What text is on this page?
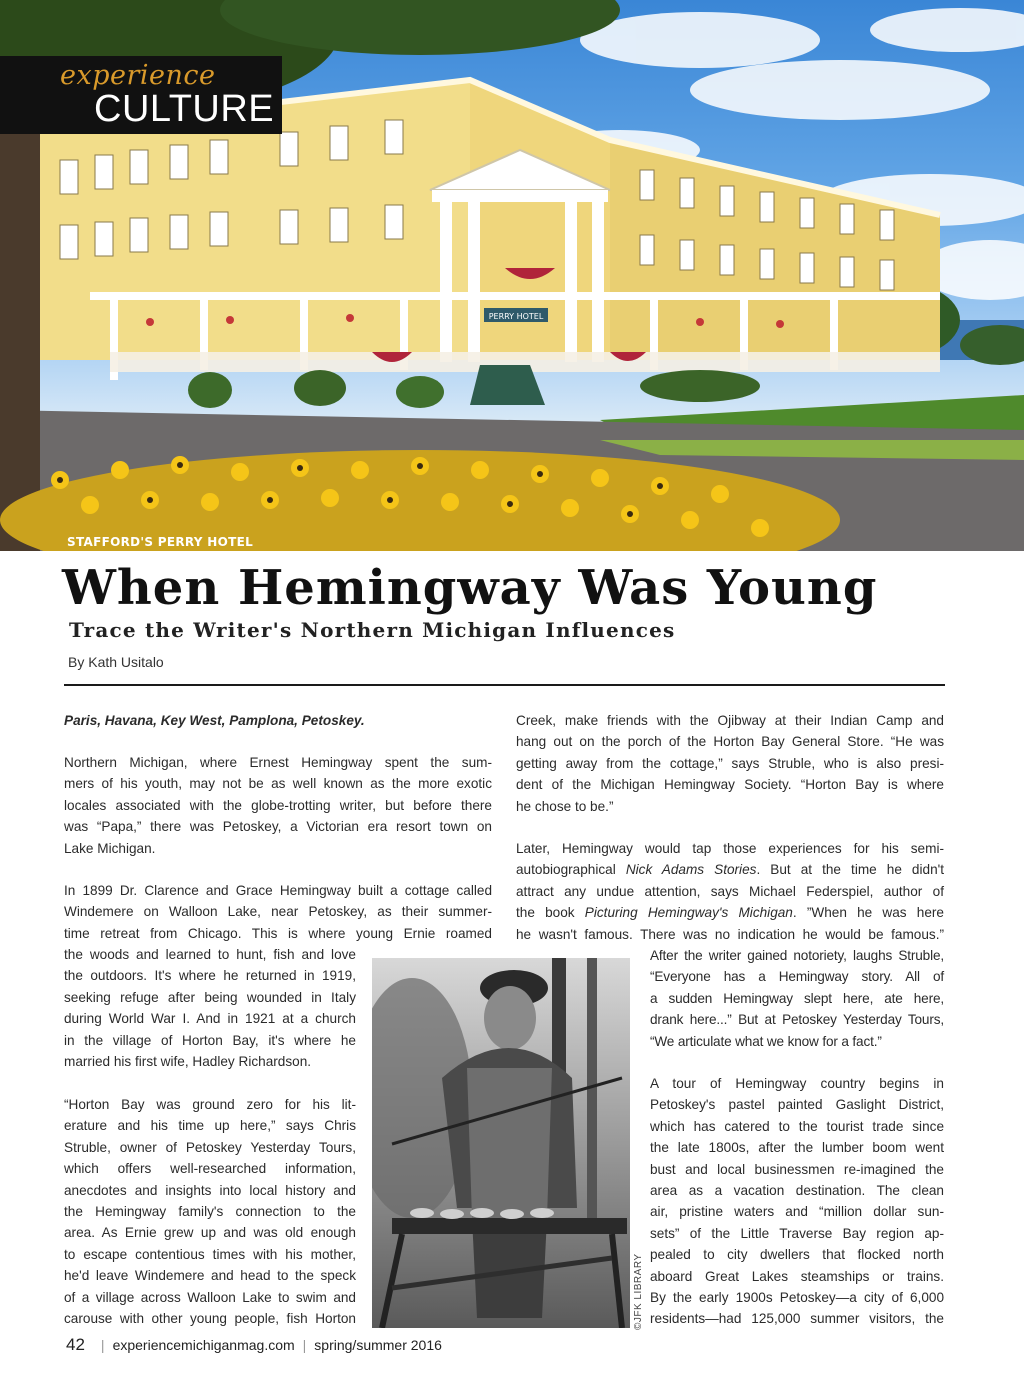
PERRY HOTEL
experience
CULTURE
STAFFORD'S PERRY HOTEL
When Hemingway Was Young
Trace the Writer's Northern Michigan Influences
By Kath Usitalo
Paris, Havana, Key West, Pamplona, Petoskey.
Northern Michigan, where Ernest Hemingway spent the sum-
mers of his youth, may not be as well known as the more exotic
locales associated with the globe-trotting writer, but before there
was “Papa,” there was Petoskey, a Victorian era resort town on
Lake Michigan.
In 1899 Dr. Clarence and Grace Hemingway built a cottage called
Windemere on Walloon Lake, near Petoskey, as their summer-
time retreat from Chicago. This is where young Ernie roamed
the woods and learned to hunt, fish and love
the outdoors. It's where he returned in 1919,
seeking refuge after being wounded in Italy
during World War I. And in 1921 at a church
in the village of Horton Bay, it's where he
married his first wife, Hadley Richardson.
“Horton Bay was ground zero for his lit-
erature and his time up here,” says Chris
Struble, owner of Petoskey Yesterday Tours,
which offers well-researched information,
anecdotes and insights into local history and
the Hemingway family's connection to the
area. As Ernie grew up and was old enough
to escape contentious times with his mother,
he'd leave Windemere and head to the speck
of a village across Walloon Lake to swim and
carouse with other young people, fish Horton
Creek, make friends with the Ojibway at their Indian Camp and
hang out on the porch of the Horton Bay General Store. “He was
getting away from the cottage,” says Struble, who is also presi-
dent of the Michigan Hemingway Society. “Horton Bay is where
he chose to be.”
Later, Hemingway would tap those experiences for his semi-
autobiographical Nick Adams Stories. But at the time he didn't
attract any undue attention, says Michael Federspiel, author of
the book Picturing Hemingway's Michigan. ”When he was here
he wasn't famous. There was no indication he would be famous.”
After the writer gained notoriety, laughs Struble,
“Everyone has a Hemingway story. All of
a sudden Hemingway slept here, ate here,
drank here...” But at Petoskey Yesterday Tours,
“We articulate what we know for a fact.”
A tour of Hemingway country begins in
Petoskey's pastel painted Gaslight District,
which has catered to the tourist trade since
the late 1800s, after the lumber boom went
bust and local businessmen re-imagined the
area as a vacation destination. The clean
air, pristine waters and “million dollar sun-
sets” of the Little Traverse Bay region ap-
pealed to city dwellers that flocked north
aboard Great Lakes steamships or trains.
By the early 1900s Petoskey—a city of 6,000
residents—had 125,000 summer visitors, the
©JFK LIBRARY
42 | experiencemichiganmag.com | spring/summer 2016
